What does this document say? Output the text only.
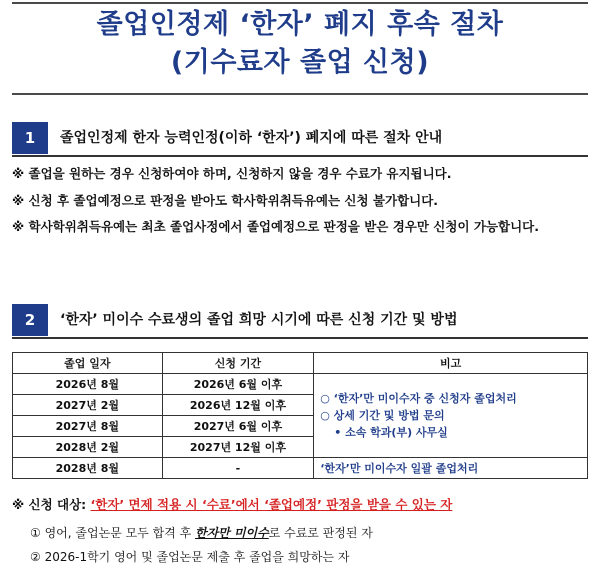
졸업인정제 ‘한자’ 폐지 후속 절차
(기수료자 졸업 신청)
1	졸업인정제 한자 능력인정(이하 ‘한자’) 폐지에 따른 절차 안내
※ 졸업을 원하는 경우 신청하여야 하며, 신청하지 않을 경우 수료가 유지됩니다.
※ 신청 후 졸업예정으로 판정을 받아도 학사학위취득유예는 신청 불가합니다.
※ 학사학위취득유예는 최초 졸업사정에서 졸업예정으로 판정을 받은 경우만 신청이 가능합니다.
2	‘한자’ 미이수 수료생의 졸업 희망 시기에 따른 신청 기간 및 방법
졸업 일자	신청 기간	비고
2026년 8월	2026년 6월 이후	○ ‘한자’만 미이수자 중 신청자 졸업처리
○ 상세 기간 및 방법 문의
• 소속 학과(부) 사무실

2027년 2월	2026년 12월 이후	
2027년 8월	2027년 6월 이후	
2028년 2월	2027년 12월 이후	
2028년 8월	-	‘한자’만 미이수자 일괄 졸업처리
※ 신청 대상: ‘한자’ 면제 적용 시 ‘수료’에서 ‘졸업예정’ 판정을 받을 수 있는 자
① 영어, 졸업논문 모두 합격 후 한자만 미이수로 수료로 판정된 자
② 2026-1학기 영어 및 졸업논문 제출 후 졸업을 희망하는 자
